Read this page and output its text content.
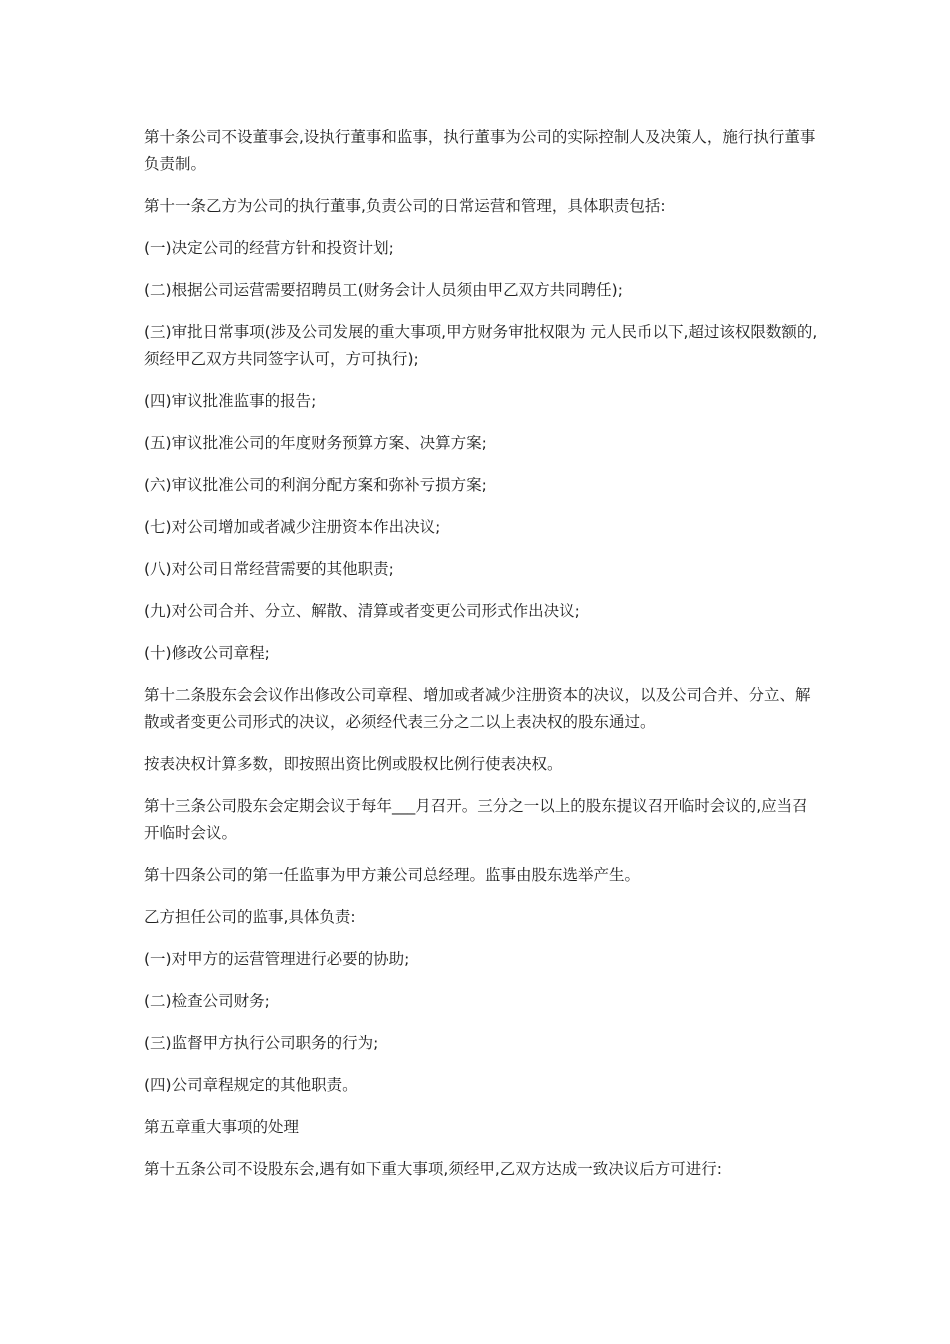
第十条公司不设董事会,设执行董事和监事，执行董事为公司的实际控制人及决策人，施行执行董事负责制。

第十一条乙方为公司的执行董事,负责公司的日常运营和管理，具体职责包括:

(一)决定公司的经营方针和投资计划;

(二)根据公司运营需要招聘员工(财务会计人员须由甲乙双方共同聘任);

(三)审批日常事项(涉及公司发展的重大事项,甲方财务审批权限为 元人民币以下,超过该权限数额的,须经甲乙双方共同签字认可，方可执行);

(四)审议批准监事的报告;

(五)审议批准公司的年度财务预算方案、决算方案;

(六)审议批准公司的利润分配方案和弥补亏损方案;

(七)对公司增加或者减少注册资本作出决议;

(八)对公司日常经营需要的其他职责;

(九)对公司合并、分立、解散、清算或者变更公司形式作出决议;

(十)修改公司章程;

第十二条股东会会议作出修改公司章程、增加或者减少注册资本的决议，以及公司合并、分立、解散或者变更公司形式的决议，必须经代表三分之二以上表决权的股东通过。

按表决权计算多数，即按照出资比例或股权比例行使表决权。

第十三条公司股东会定期会议于每年___月召开。三分之一以上的股东提议召开临时会议的,应当召开临时会议。

第十四条公司的第一任监事为甲方兼公司总经理。监事由股东选举产生。

乙方担任公司的监事,具体负责:

(一)对甲方的运营管理进行必要的协助;

(二)检查公司财务;

(三)监督甲方执行公司职务的行为;

(四)公司章程规定的其他职责。

第五章重大事项的处理

第十五条公司不设股东会,遇有如下重大事项,须经甲,乙双方达成一致决议后方可进行:
